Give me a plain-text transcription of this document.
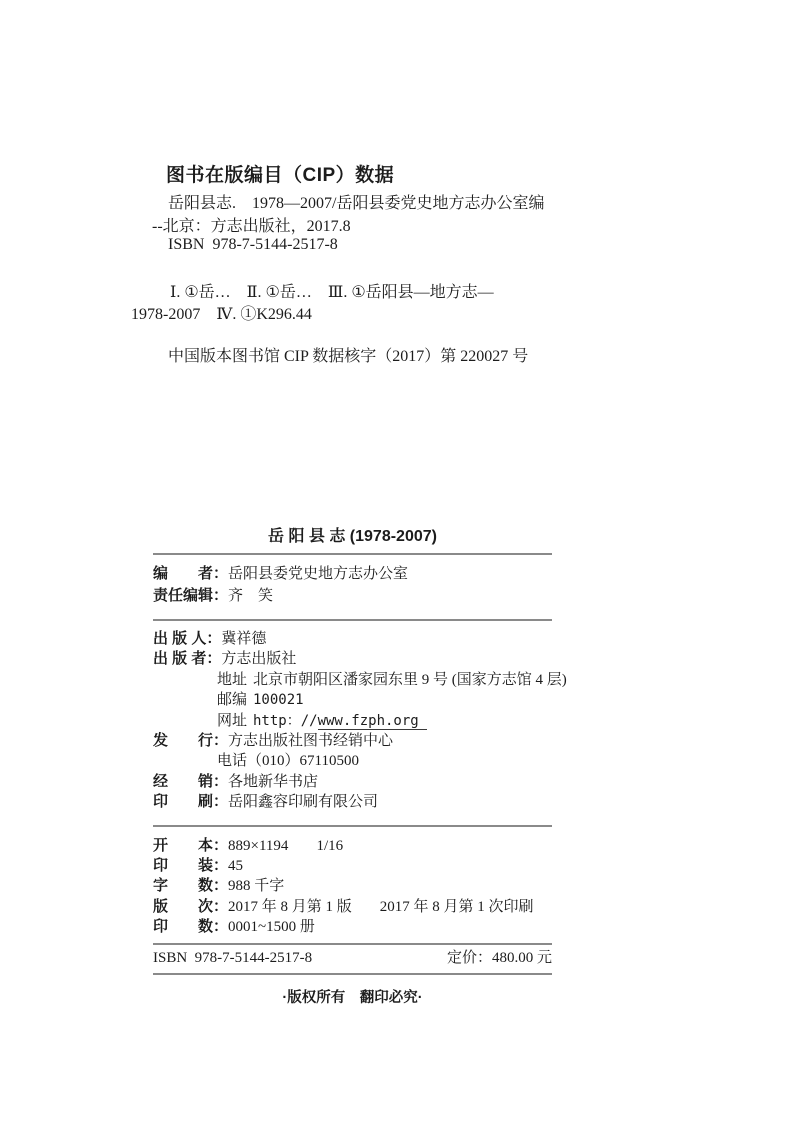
图书在版编目（CIP）数据
岳阳县志.　1978—2007/岳阳县委党史地方志办公室编
--北京：方志出版社，2017.8
ISBN  978-7-5144-2517-8
Ⅰ. ①岳…　Ⅱ. ①岳…　Ⅲ. ①岳阳县—地方志—
1978-2007　Ⅳ. ①K296.44
中国版本图书馆 CIP 数据核字（2017）第 220027 号
岳 阳 县 志 (1978-2007)
编　　者：岳阳县委党史地方志办公室
责任编辑：齐　笑
出 版 人：冀祥德
出 版 者：方志出版社
地址 北京市朝阳区潘家园东里 9 号 (国家方志馆 4 层)
邮编 100021
网址 http：//www.fzph.org
发　　行：方志出版社图书经销中心
电话（010）67110500
经　　销：各地新华书店
印　　刷：岳阳鑫容印刷有限公司
开　　本：889×1194 1/16
印　　装：45
字　　数：988 千字
版　　次：2017 年 8 月第 1 版 2017 年 8 月第 1 次印刷
印　　数：0001~1500 册
ISBN  978-7-5144-2517-8	定价：480.00 元
·版权所有　翻印必究·
